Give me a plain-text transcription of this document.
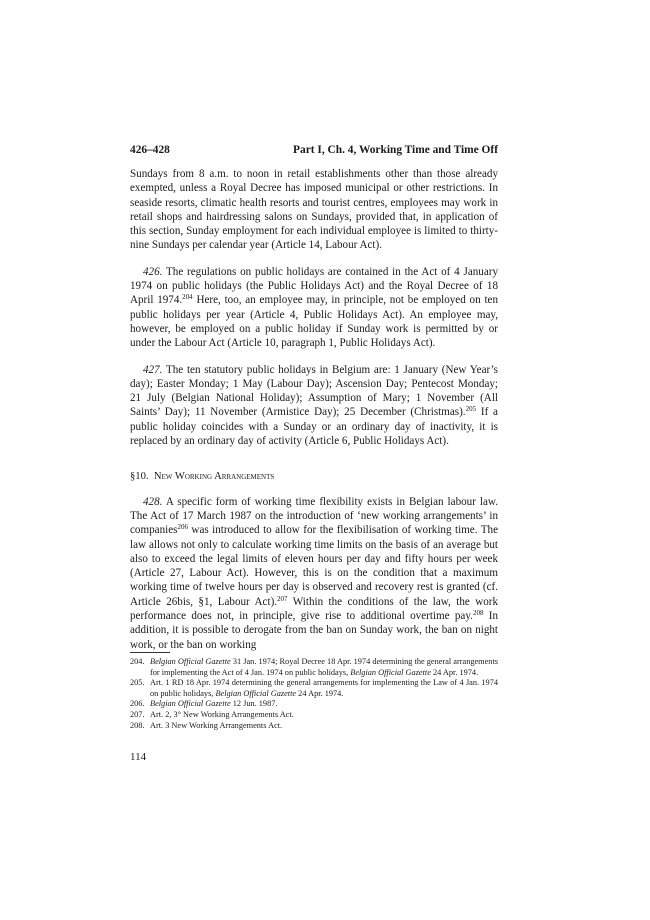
426–428	Part I, Ch. 4, Working Time and Time Off

Sundays from 8 a.m. to noon in retail establishments other than those already exempted, unless a Royal Decree has imposed municipal or other restrictions. In seaside resorts, climatic health resorts and tourist centres, employees may work in retail shops and hairdressing salons on Sundays, provided that, in application of this section, Sunday employment for each individual employee is limited to thirty-nine Sundays per calendar year (Article 14, Labour Act).

426. The regulations on public holidays are contained in the Act of 4 January 1974 on public holidays (the Public Holidays Act) and the Royal Decree of 18 April 1974.$^{204}$ Here, too, an employee may, in principle, not be employed on ten public holidays per year (Article 4, Public Holidays Act). An employee may, however, be employed on a public holiday if Sunday work is permitted by or under the Labour Act (Article 10, paragraph 1, Public Holidays Act).

427. The ten statutory public holidays in Belgium are: 1 January (New Year’s day); Easter Monday; 1 May (Labour Day); Ascension Day; Pentecost Monday; 21 July (Belgian National Holiday); Assumption of Mary; 1 November (All Saints’ Day); 11 November (Armistice Day); 25 December (Christmas).$^{205}$ If a public holiday coincides with a Sunday or an ordinary day of inactivity, it is replaced by an ordinary day of activity (Article 6, Public Holidays Act).

§10. New Working Arrangements

428. A specific form of working time flexibility exists in Belgian labour law. The Act of 17 March 1987 on the introduction of ‘new working arrangements’ in companies$^{206}$ was introduced to allow for the flexibilisation of working time. The law allows not only to calculate working time limits on the basis of an average but also to exceed the legal limits of eleven hours per day and fifty hours per week (Article 27, Labour Act). However, this is on the condition that a maximum working time of twelve hours per day is observed and recovery rest is granted (cf. Article 26bis, §1, Labour Act).$^{207}$ Within the conditions of the law, the work performance does not, in principle, give rise to additional overtime pay.$^{208}$ In addition, it is possible to derogate from the ban on Sunday work, the ban on night work, or the ban on working

204. Belgian Official Gazette 31 Jan. 1974; Royal Decree 18 Apr. 1974 determining the general arrangements for implementing the Act of 4 Jan. 1974 on public holidays, Belgian Official Gazette 24 Apr. 1974.
205. Art. 1 RD 18 Apr. 1974 determining the general arrangements for implementing the Law of 4 Jan. 1974 on public holidays, Belgian Official Gazette 24 Apr. 1974.
206. Belgian Official Gazette 12 Jun. 1987.
207. Art. 2, 3° New Working Arrangements Act.
208. Art. 3 New Working Arrangements Act.
114
